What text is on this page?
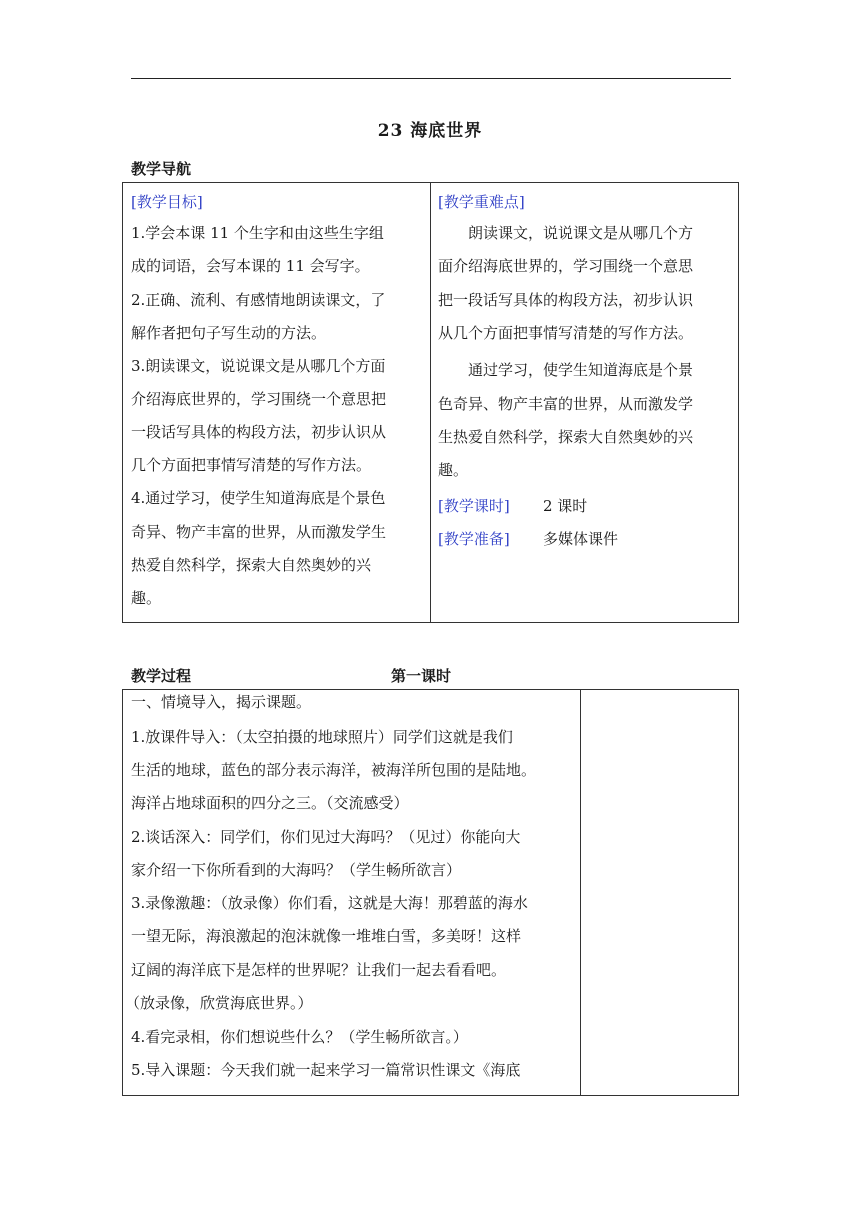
23 海底世界
教学导航
[教学目标]
1.学会本课 11 个生字和由这些生字组
成的词语，会写本课的 11 会写字。
2.正确、流利、有感情地朗读课文，了
解作者把句子写生动的方法。
3.朗读课文，说说课文是从哪几个方面
介绍海底世界的，学习围绕一个意思把
一段话写具体的构段方法，初步认识从
几个方面把事情写清楚的写作方法。
4.通过学习，使学生知道海底是个景色
奇异、物产丰富的世界，从而激发学生
热爱自然科学，探索大自然奥妙的兴
趣。
[教学重难点]
朗读课文，说说课文是从哪几个方
面介绍海底世界的，学习围绕一个意思
把一段话写具体的构段方法，初步认识
从几个方面把事情写清楚的写作方法。
通过学习，使学生知道海底是个景
色奇异、物产丰富的世界，从而激发学
生热爱自然科学，探索大自然奥妙的兴
趣。
[教学课时] 2 课时
[教学准备] 多媒体课件
教学过程	第一课时
一、情境导入，揭示课题。
1.放课件导入：（太空拍摄的地球照片）同学们这就是我们
生活的地球，蓝色的部分表示海洋，被海洋所包围的是陆地。
海洋占地球面积的四分之三。（交流感受）
2.谈话深入：同学们，你们见过大海吗？（见过）你能向大
家介绍一下你所看到的大海吗？（学生畅所欲言）
3.录像激趣：（放录像）你们看，这就是大海！那碧蓝的海水
一望无际，海浪激起的泡沫就像一堆堆白雪，多美呀！这样
辽阔的海洋底下是怎样的世界呢？让我们一起去看看吧。
（放录像，欣赏海底世界。）
4.看完录相，你们想说些什么？（学生畅所欲言。）
5.导入课题：今天我们就一起来学习一篇常识性课文《海底
